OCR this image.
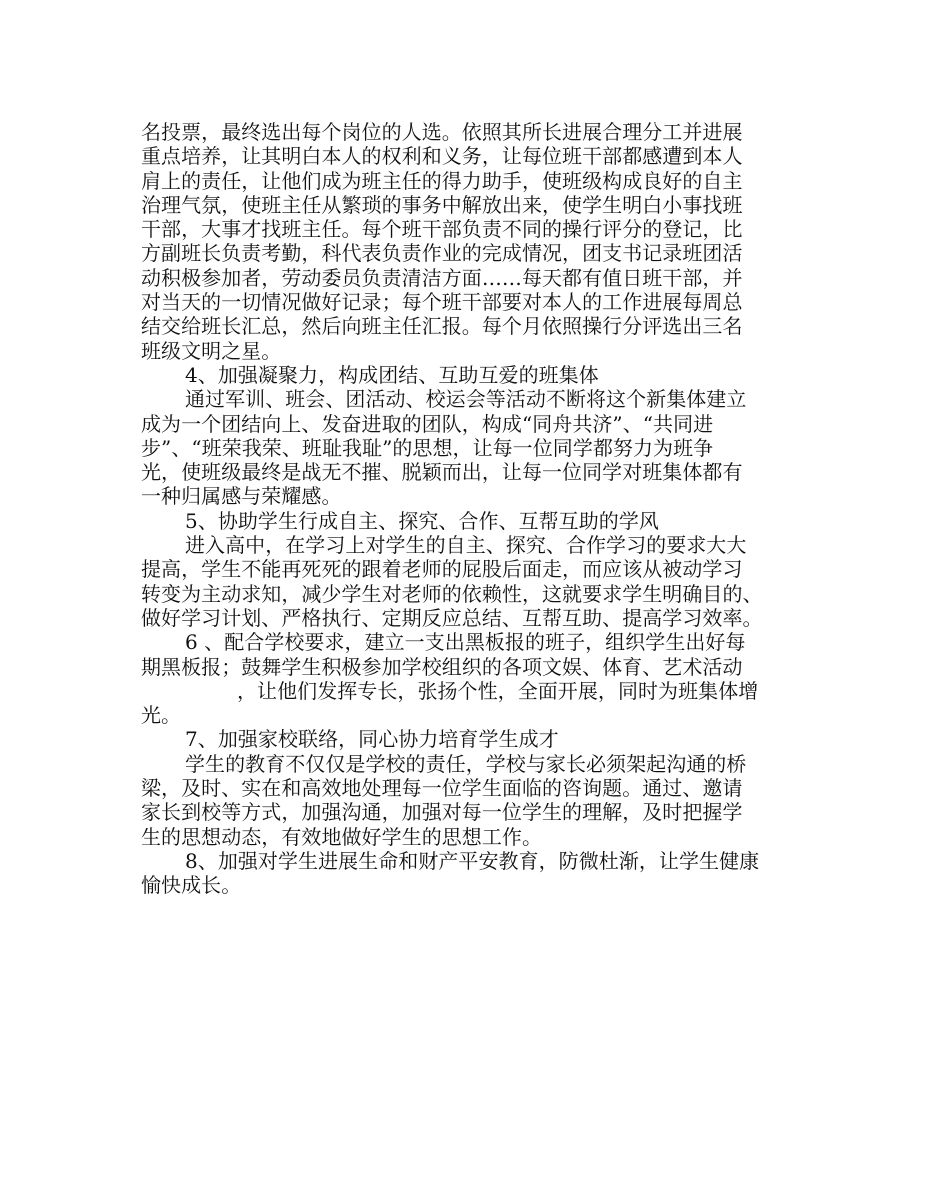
名投票，最终选出每个岗位的人选。依照其所长进展合理分工并进展
重点培养，让其明白本人的权利和义务，让每位班干部都感遭到本人
肩上的责任，让他们成为班主任的得力助手，使班级构成良好的自主
治理气氛，使班主任从繁琐的事务中解放出来，使学生明白小事找班
干部，大事才找班主任。每个班干部负责不同的操行评分的登记，比
方副班长负责考勤，科代表负责作业的完成情况，团支书记录班团活
动积极参加者，劳动委员负责清洁方面……每天都有值日班干部，并
对当天的一切情况做好记录；每个班干部要对本人的工作进展每周总
结交给班长汇总，然后向班主任汇报。每个月依照操行分评选出三名
班级文明之星。
4、加强凝聚力，构成团结、互助互爱的班集体
通过军训、班会、团活动、校运会等活动不断将这个新集体建立
成为一个团结向上、发奋进取的团队，构成“同舟共济”、“共同进
步”、“班荣我荣、班耻我耻”的思想，让每一位同学都努力为班争
光，使班级最终是战无不摧、脱颖而出，让每一位同学对班集体都有
一种归属感与荣耀感。
5、协助学生行成自主、探究、合作、互帮互助的学风
进入高中，在学习上对学生的自主、探究、合作学习的要求大大
提高，学生不能再死死的跟着老师的屁股后面走，而应该从被动学习
转变为主动求知，减少学生对老师的依赖性，这就要求学生明确目的、
做好学习计划、严格执行、定期反应总结、互帮互助、提高学习效率。
6 、配合学校要求，建立一支出黑板报的班子，组织学生出好每
期黑板报；鼓舞学生积极参加学校组织的各项文娱、体育、艺术活动
，让他们发挥专长，张扬个性，全面开展，同时为班集体增
光。
7、加强家校联络，同心协力培育学生成才
学生的教育不仅仅是学校的责任，学校与家长必须架起沟通的桥
梁，及时、实在和高效地处理每一位学生面临的咨询题。通过、邀请
家长到校等方式，加强沟通，加强对每一位学生的理解，及时把握学
生的思想动态，有效地做好学生的思想工作。
8、加强对学生进展生命和财产平安教育，防微杜渐，让学生健康
愉快成长。
